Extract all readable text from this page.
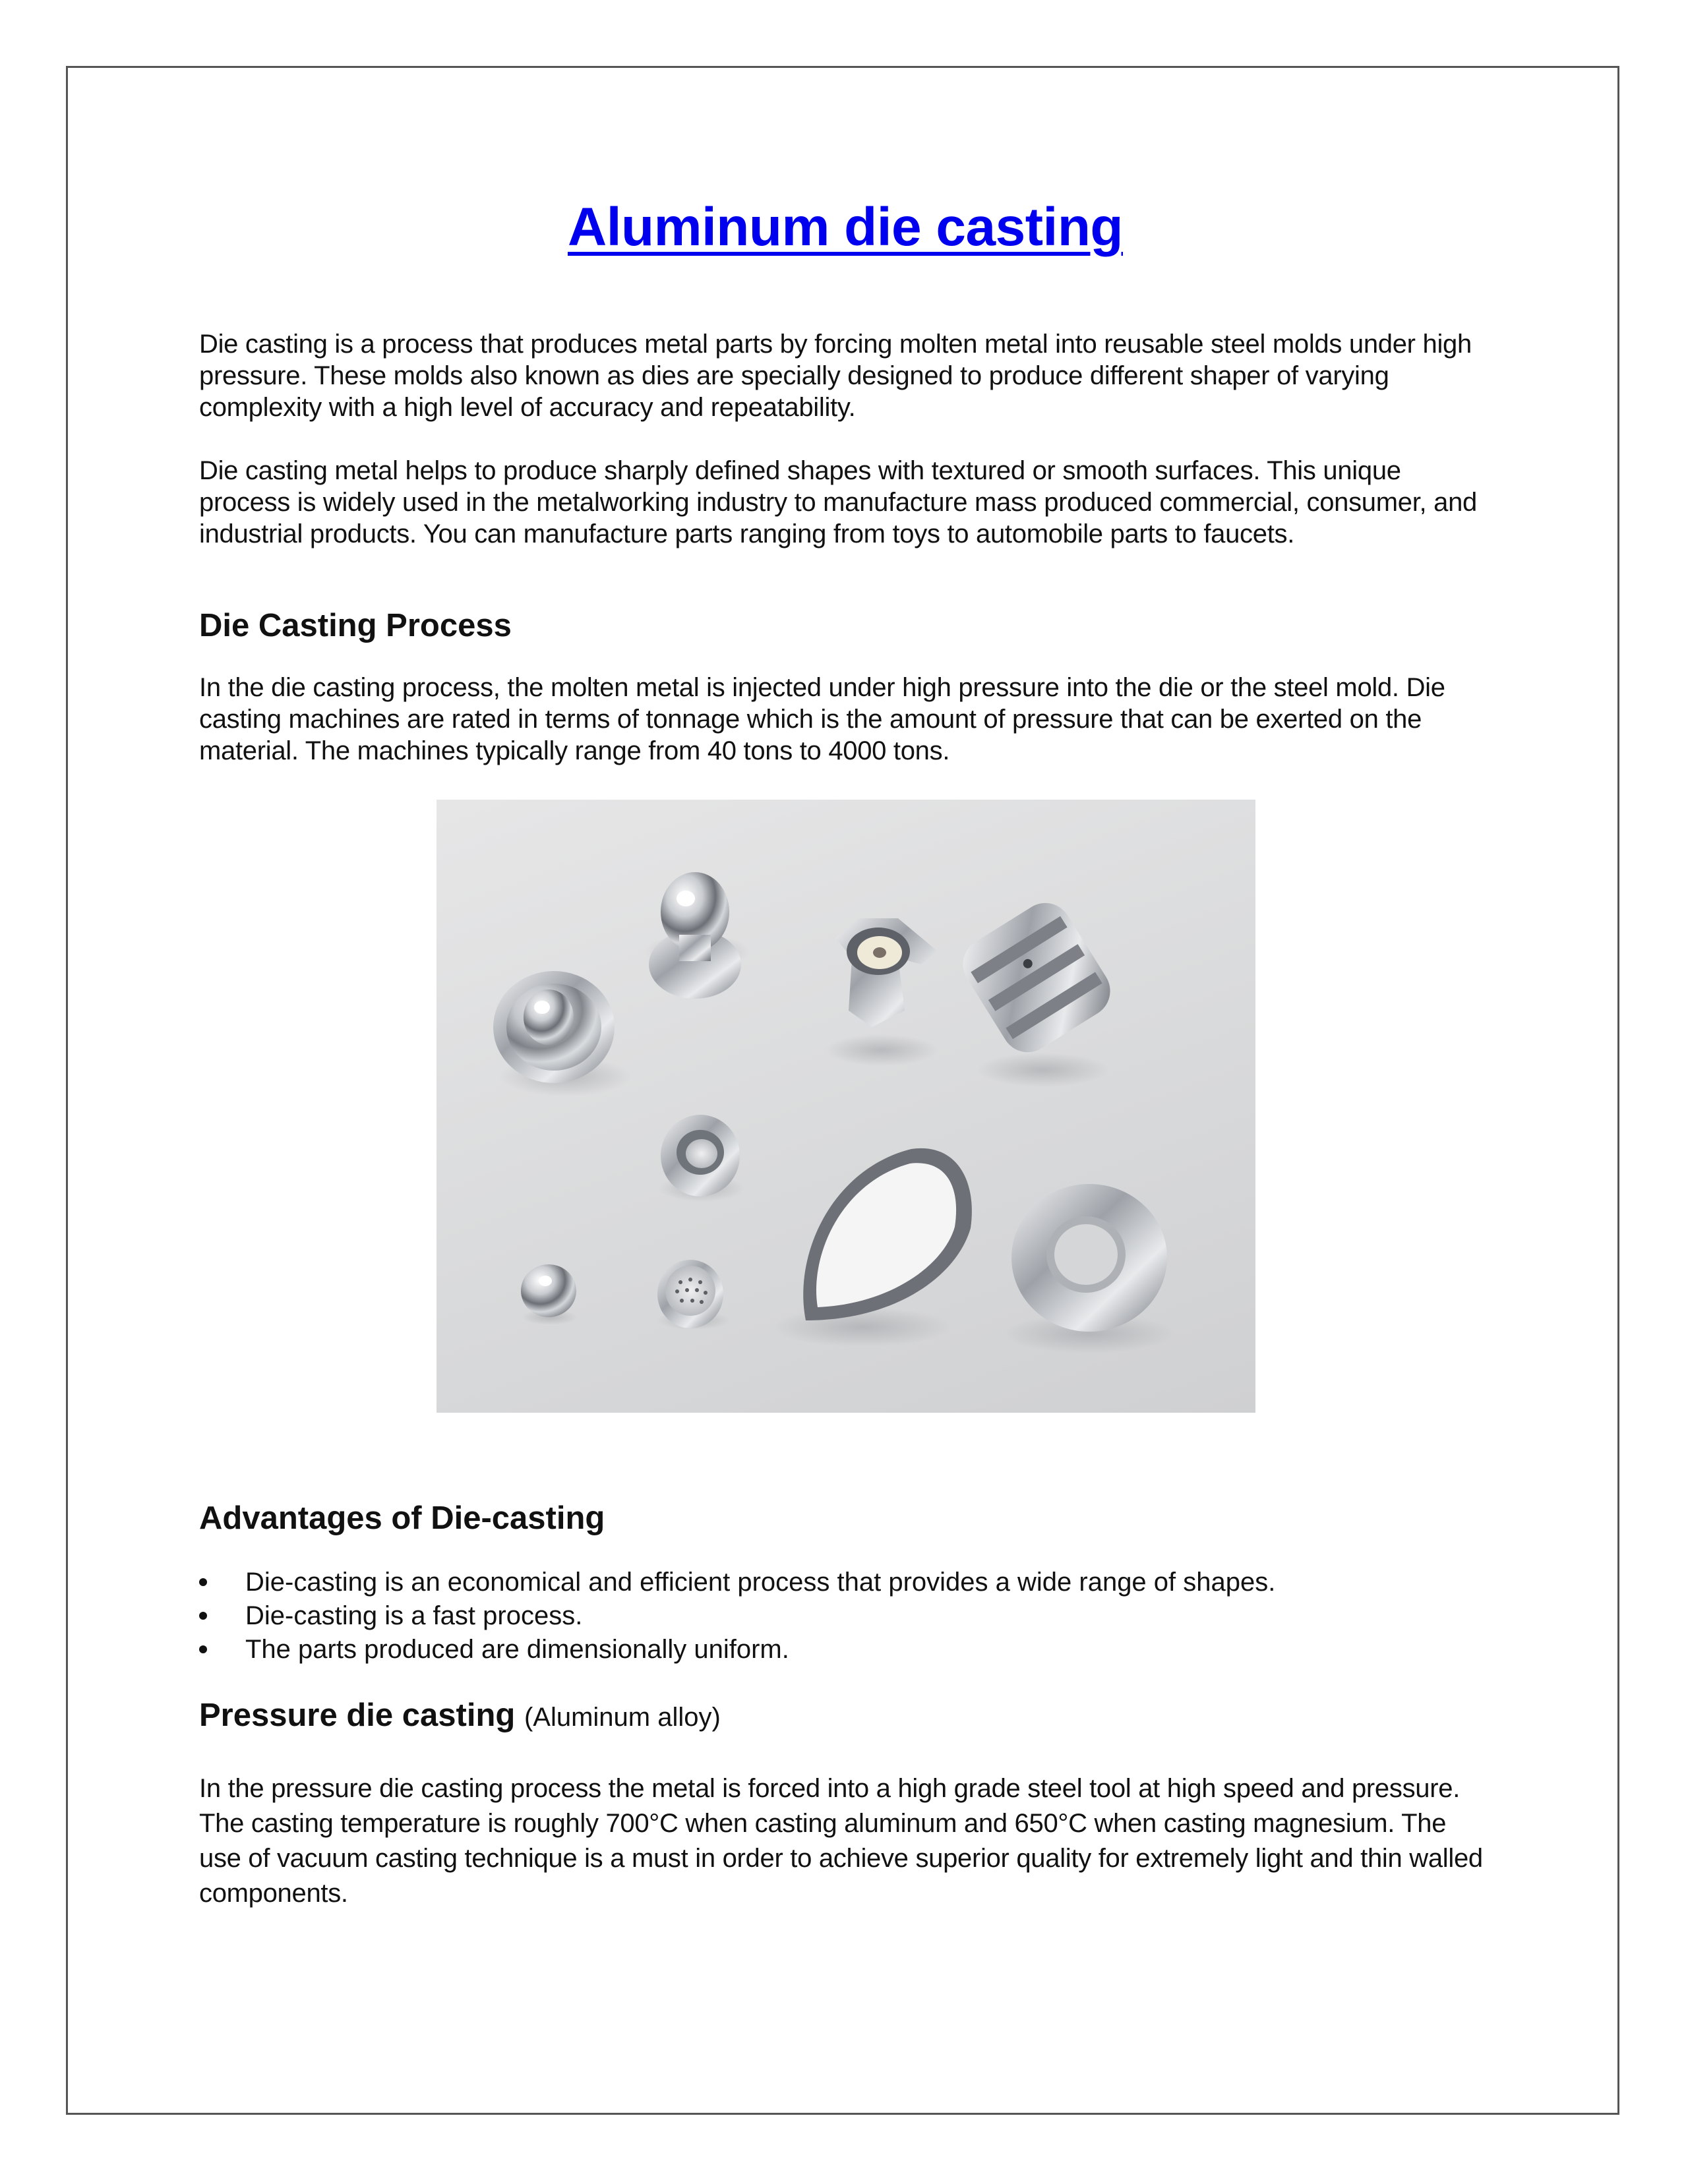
Aluminum die casting

Die casting is a process that produces metal parts by forcing molten metal into reusable steel molds under high pressure. These molds also known as dies are specially designed to produce different shaper of varying complexity with a high level of accuracy and repeatability.

Die casting metal helps to produce sharply defined shapes with textured or smooth surfaces. This unique process is widely used in the metalworking industry to manufacture mass produced commercial, consumer, and industrial products. You can manufacture parts ranging from toys to automobile parts to faucets.

Die Casting Process

In the die casting process, the molten metal is injected under high pressure into the die or the steel mold. Die casting machines are rated in terms of tonnage which is the amount of pressure that can be exerted on the material. The machines typically range from 40 tons to 4000 tons.

Advantages of Die-casting
Die-casting is an economical and efficient process that provides a wide range of shapes.
Die-casting is a fast process.
The parts produced are dimensionally uniform.
Pressure die casting (Aluminum alloy)

In the pressure die casting process the metal is forced into a high grade steel tool at high speed and pressure. The casting temperature is roughly 700°C when casting aluminum and 650°C when casting magnesium. The use of vacuum casting technique is a must in order to achieve superior quality for extremely light and thin walled components.
